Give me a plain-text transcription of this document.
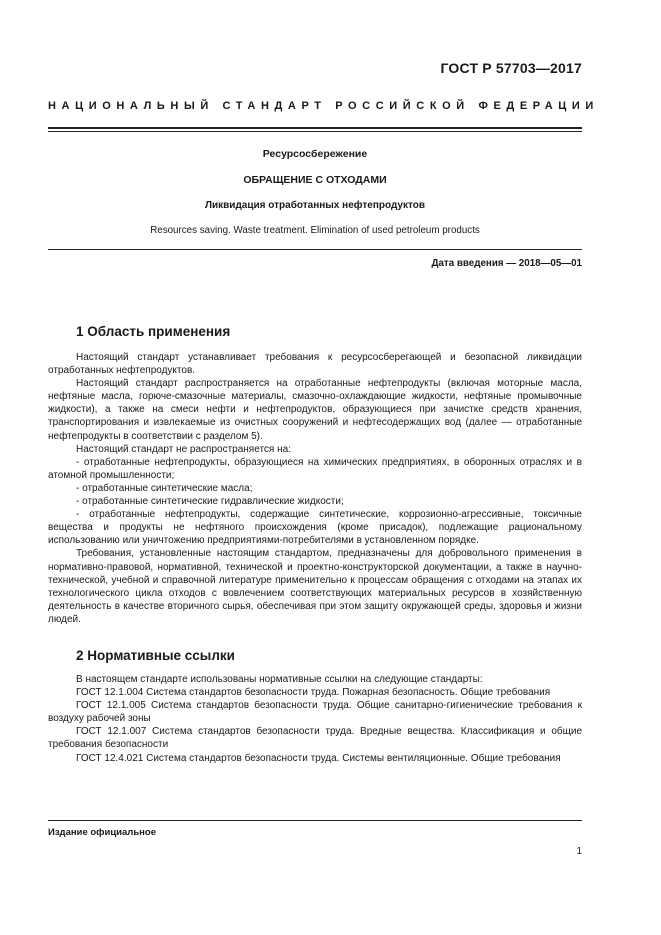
ГОСТ Р 57703—2017
НАЦИОНАЛЬНЫЙ СТАНДАРТ РОССИЙСКОЙ ФЕДЕРАЦИИ
Ресурсосбережение
ОБРАЩЕНИЕ С ОТХОДАМИ
Ликвидация отработанных нефтепродуктов
Resources saving. Waste treatment. Elimination of used petroleum products
Дата введения — 2018—05—01
1 Область применения

Настоящий стандарт устанавливает требования к ресурсосберегающей и безопасной ликвидации отработанных нефтепродуктов.

Настоящий стандарт распространяется на отработанные нефтепродукты (включая моторные масла, нефтяные масла, горюче-смазочные материалы, смазочно-охлаждающие жидкости, нефтяные промывочные жидкости), а также на смеси нефти и нефтепродуктов, образующиеся при зачистке средств хранения, транспортирования и извлекаемые из очистных сооружений и нефтесодержащих вод (далее — отработанные нефтепродукты в соответствии с разделом 5).

Настоящий стандарт не распространяется на:

- отработанные нефтепродукты, образующиеся на химических предприятиях, в оборонных отраслях и в атомной промышленности;

- отработанные синтетические масла;

- отработанные синтетические гидравлические жидкости;

- отработанные нефтепродукты, содержащие синтетические, коррозионно-агрессивные, токсичные вещества и продукты не нефтяного происхождения (кроме присадок), подлежащие рациональному использованию или уничтожению предприятиями-потребителями в установленном порядке.

Требования, установленные настоящим стандартом, предназначены для добровольного применения в нормативно-правовой, нормативной, технической и проектно-конструкторской документации, а также в научно-технической, учебной и справочной литературе применительно к процессам обращения с отходами на этапах их технологического цикла отходов с вовлечением соответствующих материальных ресурсов в хозяйственную деятельность в качестве вторичного сырья, обеспечивая при этом защиту окружающей среды, здоровья и жизни людей.

2 Нормативные ссылки

В настоящем стандарте использованы нормативные ссылки на следующие стандарты:

ГОСТ 12.1.004 Система стандартов безопасности труда. Пожарная безопасность. Общие требования

ГОСТ 12.1.005 Система стандартов безопасности труда. Общие санитарно-гигиенические требования к воздуху рабочей зоны

ГОСТ 12.1.007 Система стандартов безопасности труда. Вредные вещества. Классификация и общие требования безопасности

ГОСТ 12.4.021 Система стандартов безопасности труда. Системы вентиляционные. Общие требования

Издание официальное
1
